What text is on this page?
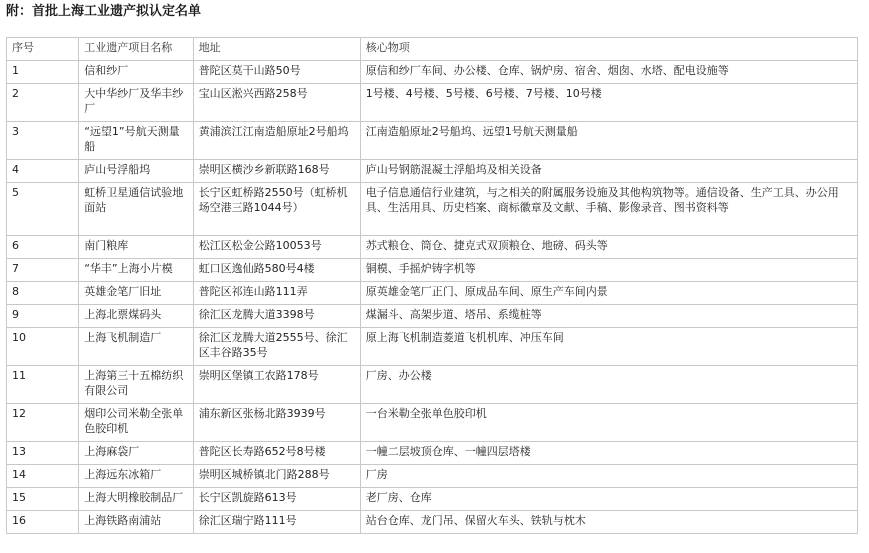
附：首批上海工业遗产拟认定名单
序号	工业遗产项目名称	地址	核心物项
1	信和纱厂	普陀区莫干山路50号	原信和纱厂车间、办公楼、仓库、锅炉房、宿舍、烟囱、水塔、配电设施等
2	大中华纱厂及华丰纱厂	宝山区淞兴西路258号	1号楼、4号楼、5号楼、6号楼、7号楼、10号楼
3	“远望1”号航天测量船	黄浦滨江江南造船原址2号船坞	江南造船原址2号船坞、远望1号航天测量船
4	庐山号浮船坞	崇明区横沙乡新联路168号	庐山号钢筋混凝土浮船坞及相关设备
5	虹桥卫星通信试验地面站	长宁区虹桥路2550号（虹桥机场空港三路1044号）	电子信息通信行业建筑，与之相关的附属服务设施及其他构筑物等。通信设备、生产工具、办公用具、生活用具、历史档案、商标徽章及文献、手稿、影像录音、图书资料等
6	南门粮库	松江区松金公路10053号	苏式粮仓、筒仓、捷克式双顶粮仓、地磅、码头等
7	“华丰”上海小片模	虹口区逸仙路580号4楼	铜模、手摇炉铸字机等
8	英雄金笔厂旧址	普陀区祁连山路111弄	原英雄金笔厂正门、原成品车间、原生产车间内景
9	上海北票煤码头	徐汇区龙腾大道3398号	煤漏斗、高架步道、塔吊、系缆桩等
10	上海飞机制造厂	徐汇区龙腾大道2555号、徐汇区丰谷路35号	原上海飞机制造菱道飞机机库、冲压车间
11	上海第三十五棉纺织有限公司	崇明区堡镇工农路178号	厂房、办公楼
12	烟印公司米勒全张单色胶印机	浦东新区张杨北路3939号	一台米勒全张单色胶印机
13	上海麻袋厂	普陀区长寿路652号8号楼	一幢二层坡顶仓库、一幢四层塔楼
14	上海远东冰箱厂	崇明区城桥镇北门路288号	厂房
15	上海大明橡胶制品厂	长宁区凯旋路613号	老厂房、仓库
16	上海铁路南浦站	徐汇区瑞宁路111号	站台仓库、龙门吊、保留火车头、铁轨与枕木
